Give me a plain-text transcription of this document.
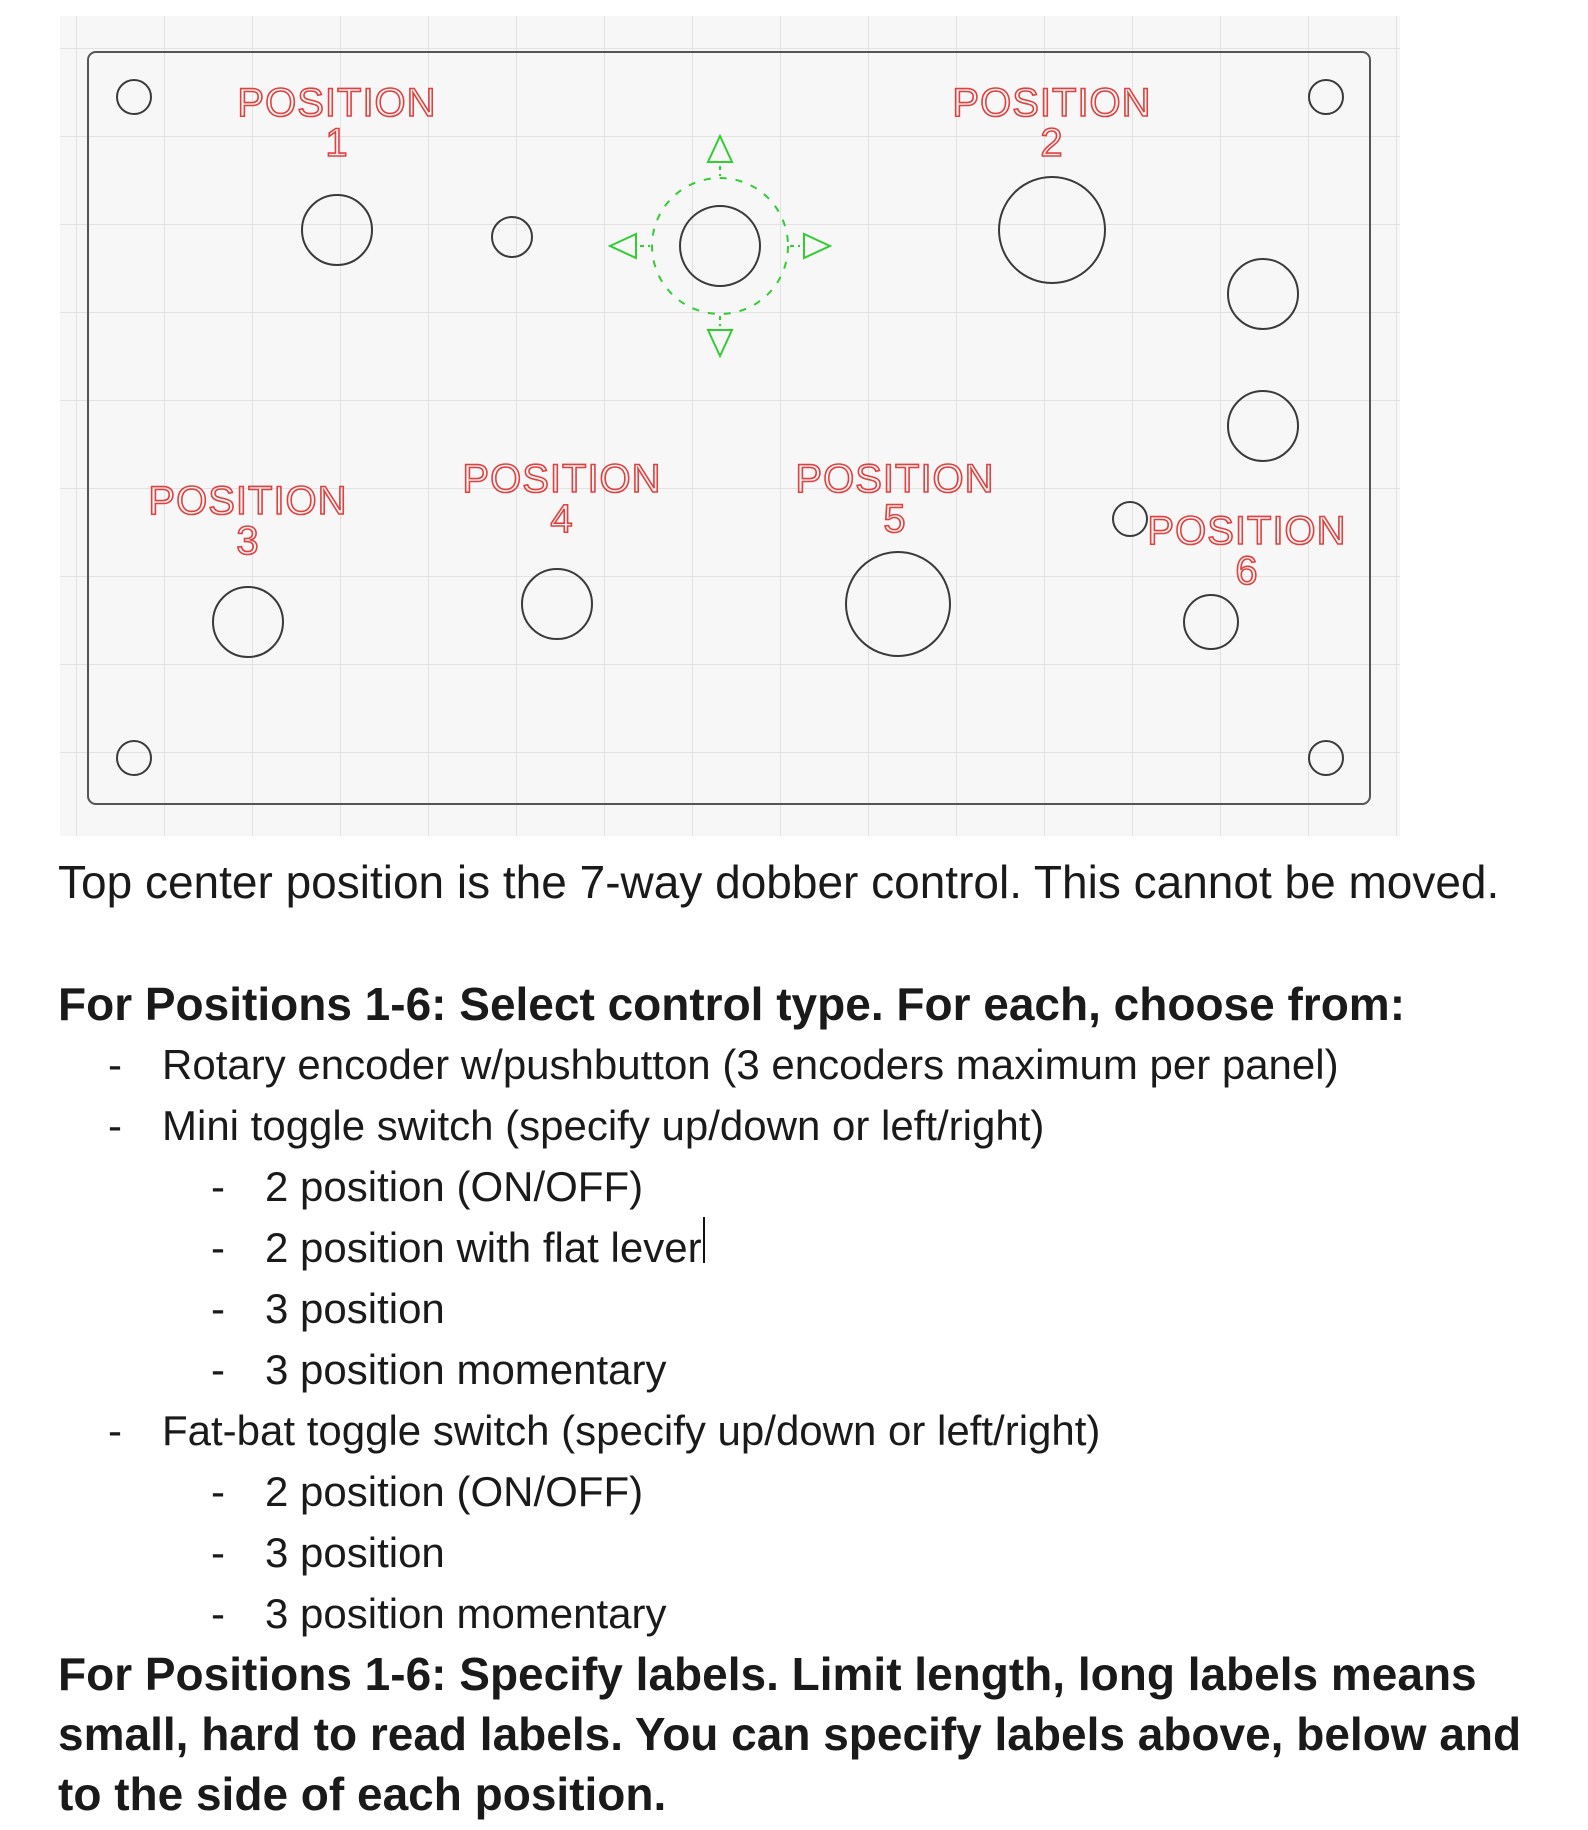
POSITION 1
POSITION 2
POSITION 3
POSITION 4
POSITION 5	POSITION 6
Top center position is the 7-way dobber control. This cannot be moved.
For Positions 1-6: Select control type. For each, choose from:
- Rotary encoder w/pushbutton (3 encoders maximum per panel)
- Mini toggle switch (specify up/down or left/right)
- 2 position (ON/OFF)
- 2 position with flat lever
- 3 position
- 3 position momentary
- Fat-bat toggle switch (specify up/down or left/right)
- 2 position (ON/OFF)
- 3 position
- 3 position momentary
For Positions 1-6: Specify labels. Limit length, long labels means
small, hard to read labels. You can specify labels above, below and
to the side of each position.
